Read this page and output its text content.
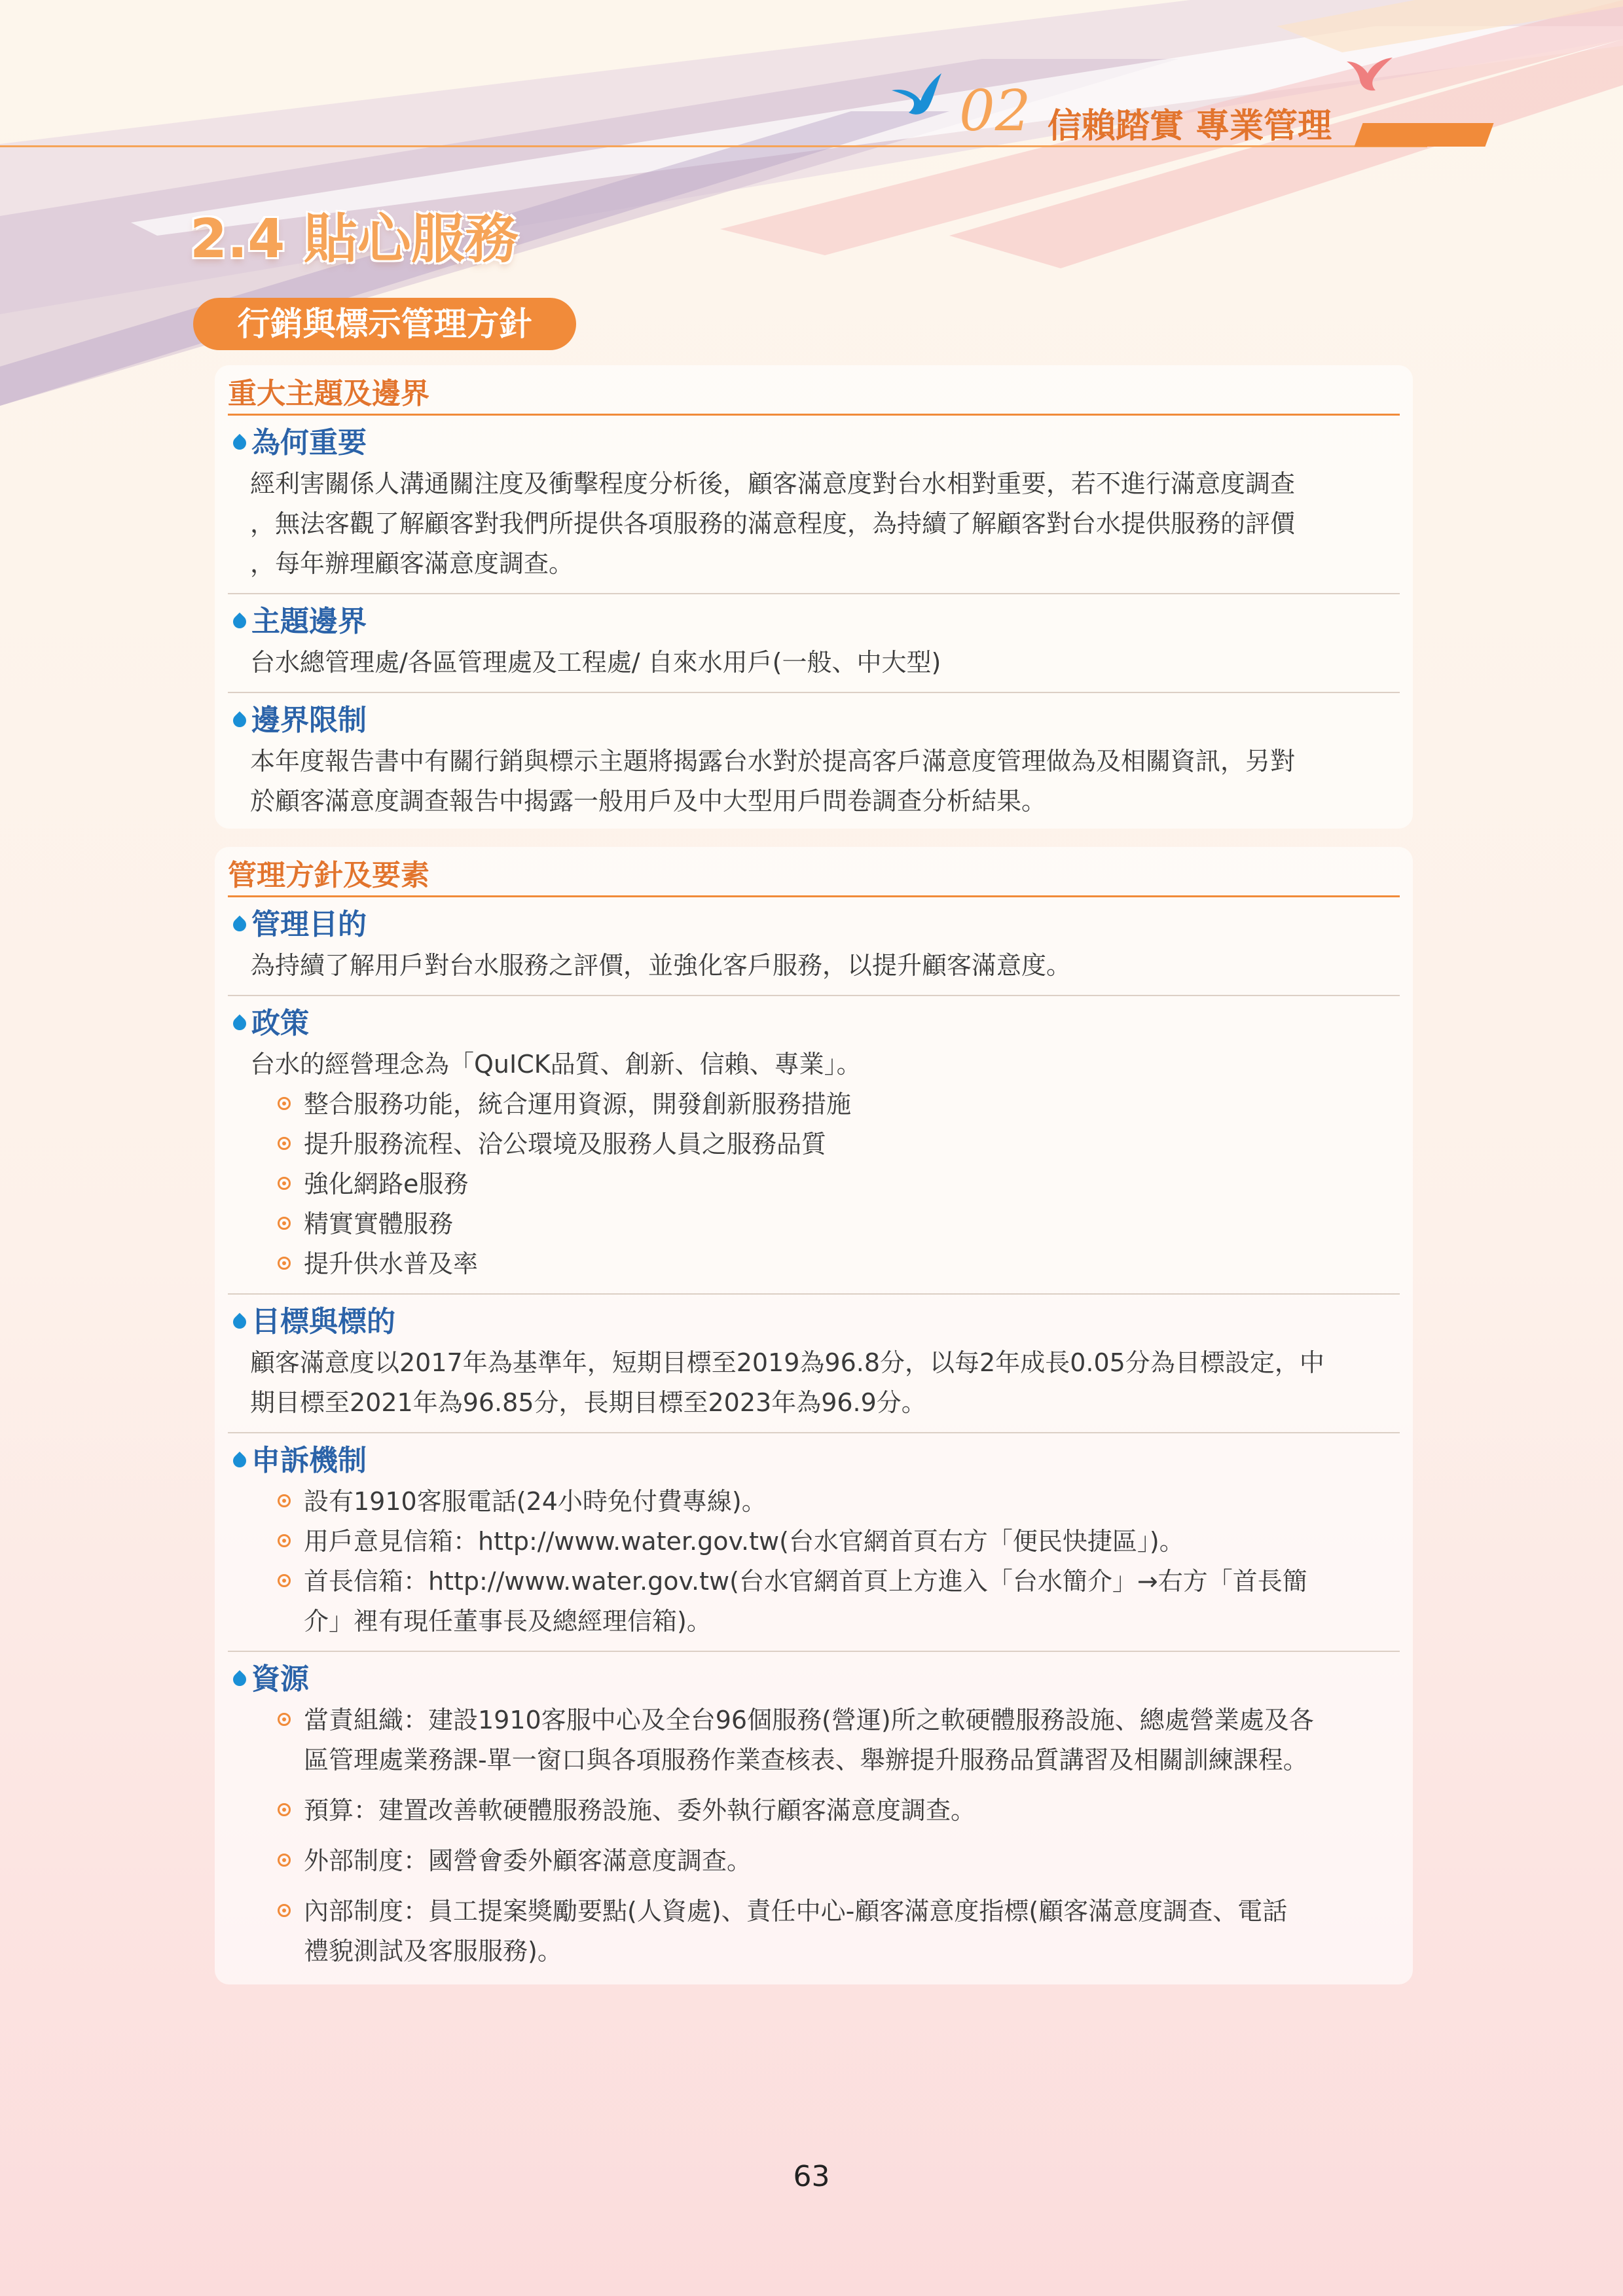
02 信賴踏實 專業管理
2.4 貼心服務
行銷與標示管理方針
重大主題及邊界
為何重要
經利害關係人溝通關注度及衝擊程度分析後，顧客滿意度對台水相對重要，若不進行滿意度調查
，無法客觀了解顧客對我們所提供各項服務的滿意程度，為持續了解顧客對台水提供服務的評價
，每年辦理顧客滿意度調查。
主題邊界
台水總管理處/各區管理處及工程處/ 自來水用戶(一般、中大型)
邊界限制
本年度報告書中有關行銷與標示主題將揭露台水對於提高客戶滿意度管理做為及相關資訊，另對
於顧客滿意度調查報告中揭露一般用戶及中大型用戶問卷調查分析結果。
管理方針及要素
管理目的
為持續了解用戶對台水服務之評價，並強化客戶服務，以提升顧客滿意度。
政策
台水的經營理念為「QuICK品質、創新、信賴、專業」。
整合服務功能，統合運用資源，開發創新服務措施
提升服務流程、洽公環境及服務人員之服務品質
強化網路e服務
精實實體服務
提升供水普及率
目標與標的
顧客滿意度以2017年為基準年，短期目標至2019為96.8分，以每2年成長0.05分為目標設定，中
期目標至2021年為96.85分，長期目標至2023年為96.9分。
申訴機制
設有1910客服電話(24小時免付費專線)。
用戶意見信箱：http://www.water.gov.tw(台水官網首頁右方「便民快捷區」)。
首長信箱：http://www.water.gov.tw(台水官網首頁上方進入「台水簡介」→右方「首長簡
介」裡有現任董事長及總經理信箱)。
資源
當責組織：建設1910客服中心及全台96個服務(營運)所之軟硬體服務設施、總處營業處及各
區管理處業務課-單一窗口與各項服務作業查核表、舉辦提升服務品質講習及相關訓練課程。
預算：建置改善軟硬體服務設施、委外執行顧客滿意度調查。
外部制度：國營會委外顧客滿意度調查。
內部制度：員工提案獎勵要點(人資處)、責任中心-顧客滿意度指標(顧客滿意度調查、電話
禮貌測試及客服服務)。
63
